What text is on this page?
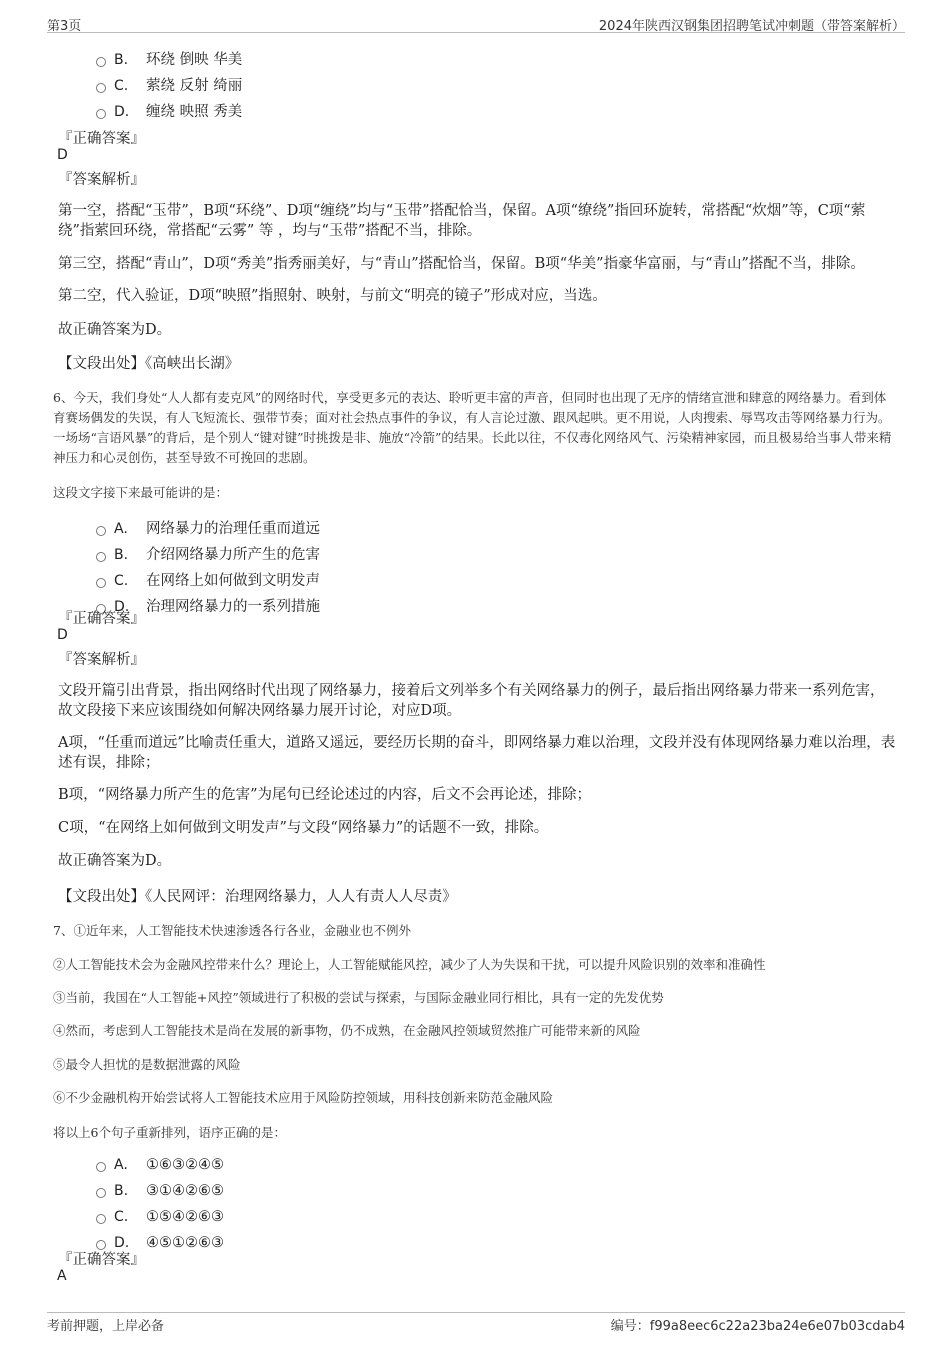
第3页	2024年陕西汉钢集团招聘笔试冲刺题（带答案解析）
B. 环绕 倒映 华美
C. 萦绕 反射 绮丽
D. 缠绕 映照 秀美
『正确答案』
D
『答案解析』
第一空，搭配“玉带”，B项“环绕”、D项“缠绕”均与“玉带”搭配恰当，保留。A项“缭绕”指回环旋转，常搭配“炊烟”等，C项“萦绕”指萦回环绕，常搭配“云雾” 等 ，均与“玉带”搭配不当，排除。
第三空，搭配“青山”，D项“秀美”指秀丽美好，与“青山”搭配恰当，保留。B项“华美”指豪华富丽，与“青山”搭配不当，排除。
第二空，代入验证，D项“映照”指照射、映射，与前文“明亮的镜子”形成对应，当选。
故正确答案为D。
【文段出处】《高峡出长湖》
6、今天，我们身处“人人都有麦克风”的网络时代，享受更多元的表达、聆听更丰富的声音，但同时也出现了无序的情绪宣泄和肆意的网络暴力。看到体育赛场偶发的失误，有人飞短流长、强带节奏；面对社会热点事件的争议，有人言论过激、跟风起哄。更不用说，人肉搜索、辱骂攻击等网络暴力行为。一场场“言语风暴”的背后，是个别人“键对键”时挑拨是非、施放“冷箭”的结果。长此以往，不仅毒化网络风气、污染精神家园，而且极易给当事人带来精神压力和心灵创伤，甚至导致不可挽回的悲剧。
这段文字接下来最可能讲的是：
A. 网络暴力的治理任重而道远
B. 介绍网络暴力所产生的危害
C. 在网络上如何做到文明发声
D. 治理网络暴力的一系列措施
『正确答案』
D
『答案解析』
文段开篇引出背景，指出网络时代出现了网络暴力，接着后文列举多个有关网络暴力的例子，最后指出网络暴力带来一系列危害，故文段接下来应该围绕如何解决网络暴力展开讨论，对应D项。
A项，“任重而道远”比喻责任重大，道路又遥远，要经历长期的奋斗，即网络暴力难以治理，文段并没有体现网络暴力难以治理，表述有误，排除；
B项，“网络暴力所产生的危害”为尾句已经论述过的内容，后文不会再论述，排除；
C项，“在网络上如何做到文明发声”与文段“网络暴力”的话题不一致，排除。
故正确答案为D。
【文段出处】《人民网评：治理网络暴力，人人有责人人尽责》
7、①近年来，人工智能技术快速渗透各行各业，金融业也不例外
②人工智能技术会为金融风控带来什么？理论上，人工智能赋能风控，减少了人为失误和干扰，可以提升风险识别的效率和准确性
③当前，我国在“人工智能+风控”领域进行了积极的尝试与探索，与国际金融业同行相比，具有一定的先发优势
④然而，考虑到人工智能技术是尚在发展的新事物，仍不成熟，在金融风控领域贸然推广可能带来新的风险
⑤最令人担忧的是数据泄露的风险
⑥不少金融机构开始尝试将人工智能技术应用于风险防控领域，用科技创新来防范金融风险
将以上6个句子重新排列，语序正确的是：
A. ①⑥③②④⑤
B. ③①④②⑥⑤
C. ①⑤④②⑥③
D. ④⑤①②⑥③
『正确答案』
A
考前押题，上岸必备	编号：f99a8eec6c22a23ba24e6e07b03cdab4
